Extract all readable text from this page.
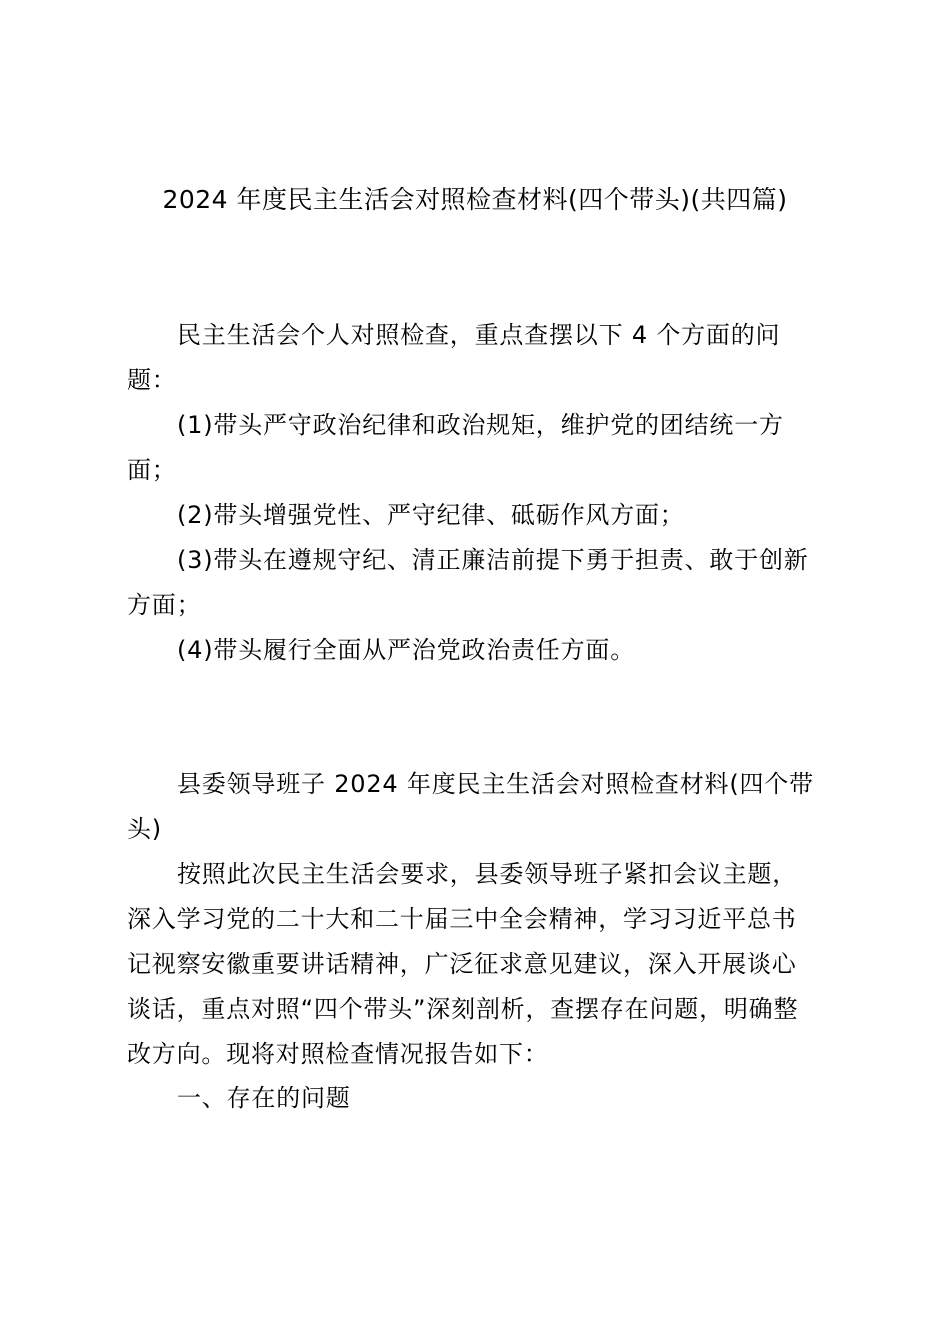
2024 年度民主生活会对照检查材料(四个带头)(共四篇)
民主生活会个人对照检查，重点查摆以下 4 个方面的问
题：
(1)带头严守政治纪律和政治规矩，维护党的团结统一方
面；
(2)带头增强党性、严守纪律、砥砺作风方面；
(3)带头在遵规守纪、清正廉洁前提下勇于担责、敢于创新
方面；
(4)带头履行全面从严治党政治责任方面。
县委领导班子 2024 年度民主生活会对照检查材料(四个带
头)
按照此次民主生活会要求，县委领导班子紧扣会议主题，
深入学习党的二十大和二十届三中全会精神，学习习近平总书
记视察安徽重要讲话精神，广泛征求意见建议，深入开展谈心
谈话，重点对照“四个带头”深刻剖析，查摆存在问题，明确整
改方向。现将对照检查情况报告如下：
一、存在的问题
